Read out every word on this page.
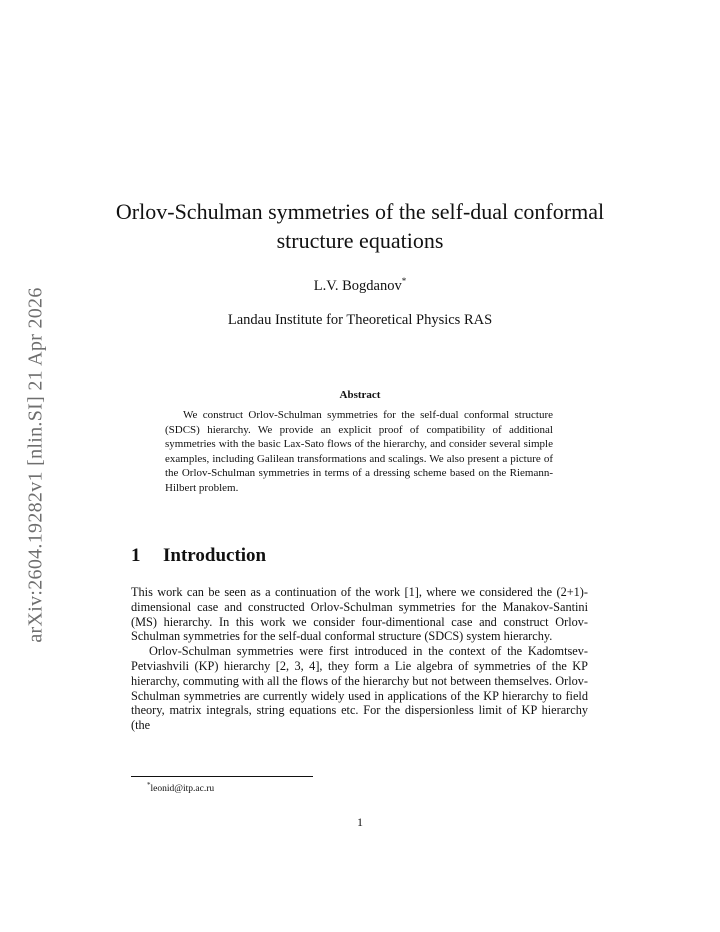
arXiv:2604.19282v1 [nlin.SI] 21 Apr 2026
Orlov-Schulman symmetries of the self-dual conformal structure equations
L.V. Bogdanov*
Landau Institute for Theoretical Physics RAS
Abstract
We construct Orlov-Schulman symmetries for the self-dual conformal structure (SDCS) hierarchy. We provide an explicit proof of compatibility of additional symmetries with the basic Lax-Sato flows of the hierarchy, and consider several simple examples, including Galilean transformations and scalings. We also present a picture of the Orlov-Schulman symmetries in terms of a dressing scheme based on the Riemann-Hilbert problem.
1 Introduction

This work can be seen as a continuation of the work [1], where we considered the (2+1)-dimensional case and constructed Orlov-Schulman symmetries for the Manakov-Santini (MS) hierarchy. In this work we consider four-dimentional case and construct Orlov-Schulman symmetries for the self-dual conformal structure (SDCS) system hierarchy.

Orlov-Schulman symmetries were first introduced in the context of the Kadomtsev-Petviashvili (KP) hierarchy [2, 3, 4], they form a Lie algebra of symmetries of the KP hierarchy, commuting with all the flows of the hierarchy but not between themselves. Orlov-Schulman symmetries are currently widely used in applications of the KP hierarchy to field theory, matrix integrals, string equations etc. For the dispersionless limit of KP hierarchy (the

*leonid@itp.ac.ru
1
